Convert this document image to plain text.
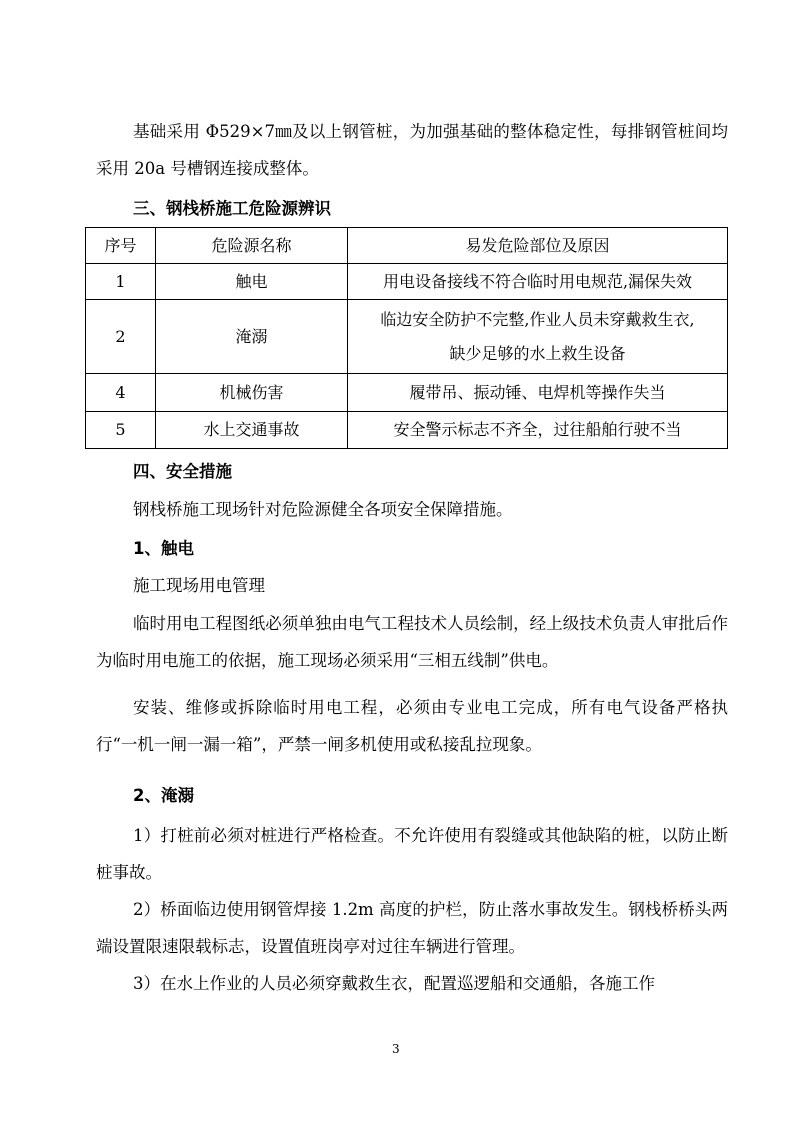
基础采用 Φ529×7㎜及以上钢管桩，为加强基础的整体稳定性，每排钢管桩间均采用 20a 号槽钢连接成整体。

三、钢栈桥施工危险源辨识

序号	危险源名称	易发危险部位及原因
1	触电	用电设备接线不符合临时用电规范,漏保失效

2	淹溺	临边安全防护不完整,作业人员未穿戴救生衣,
缺少足够的水上救生设备

4	机械伤害	履带吊、振动锤、电焊机等操作失当

5	水上交通事故	安全警示标志不齐全，过往船舶行驶不当

四、安全措施

钢栈桥施工现场针对危险源健全各项安全保障措施。

1、触电

施工现场用电管理

临时用电工程图纸必须单独由电气工程技术人员绘制，经上级技术负责人审批后作为临时用电施工的依据，施工现场必须采用“三相五线制”供电。

安装、维修或拆除临时用电工程，必须由专业电工完成，所有电气设备严格执行“一机一闸一漏一箱”，严禁一闸多机使用或私接乱拉现象。

2、淹溺

1）打桩前必须对桩进行严格检查。不允许使用有裂缝或其他缺陷的桩，以防止断桩事故。

2）桥面临边使用钢管焊接 1.2m 高度的护栏，防止落水事故发生。钢栈桥桥头两端设置限速限载标志，设置值班岗亭对过往车辆进行管理。

3）在水上作业的人员必须穿戴救生衣，配置巡逻船和交通船，各施工作

3
